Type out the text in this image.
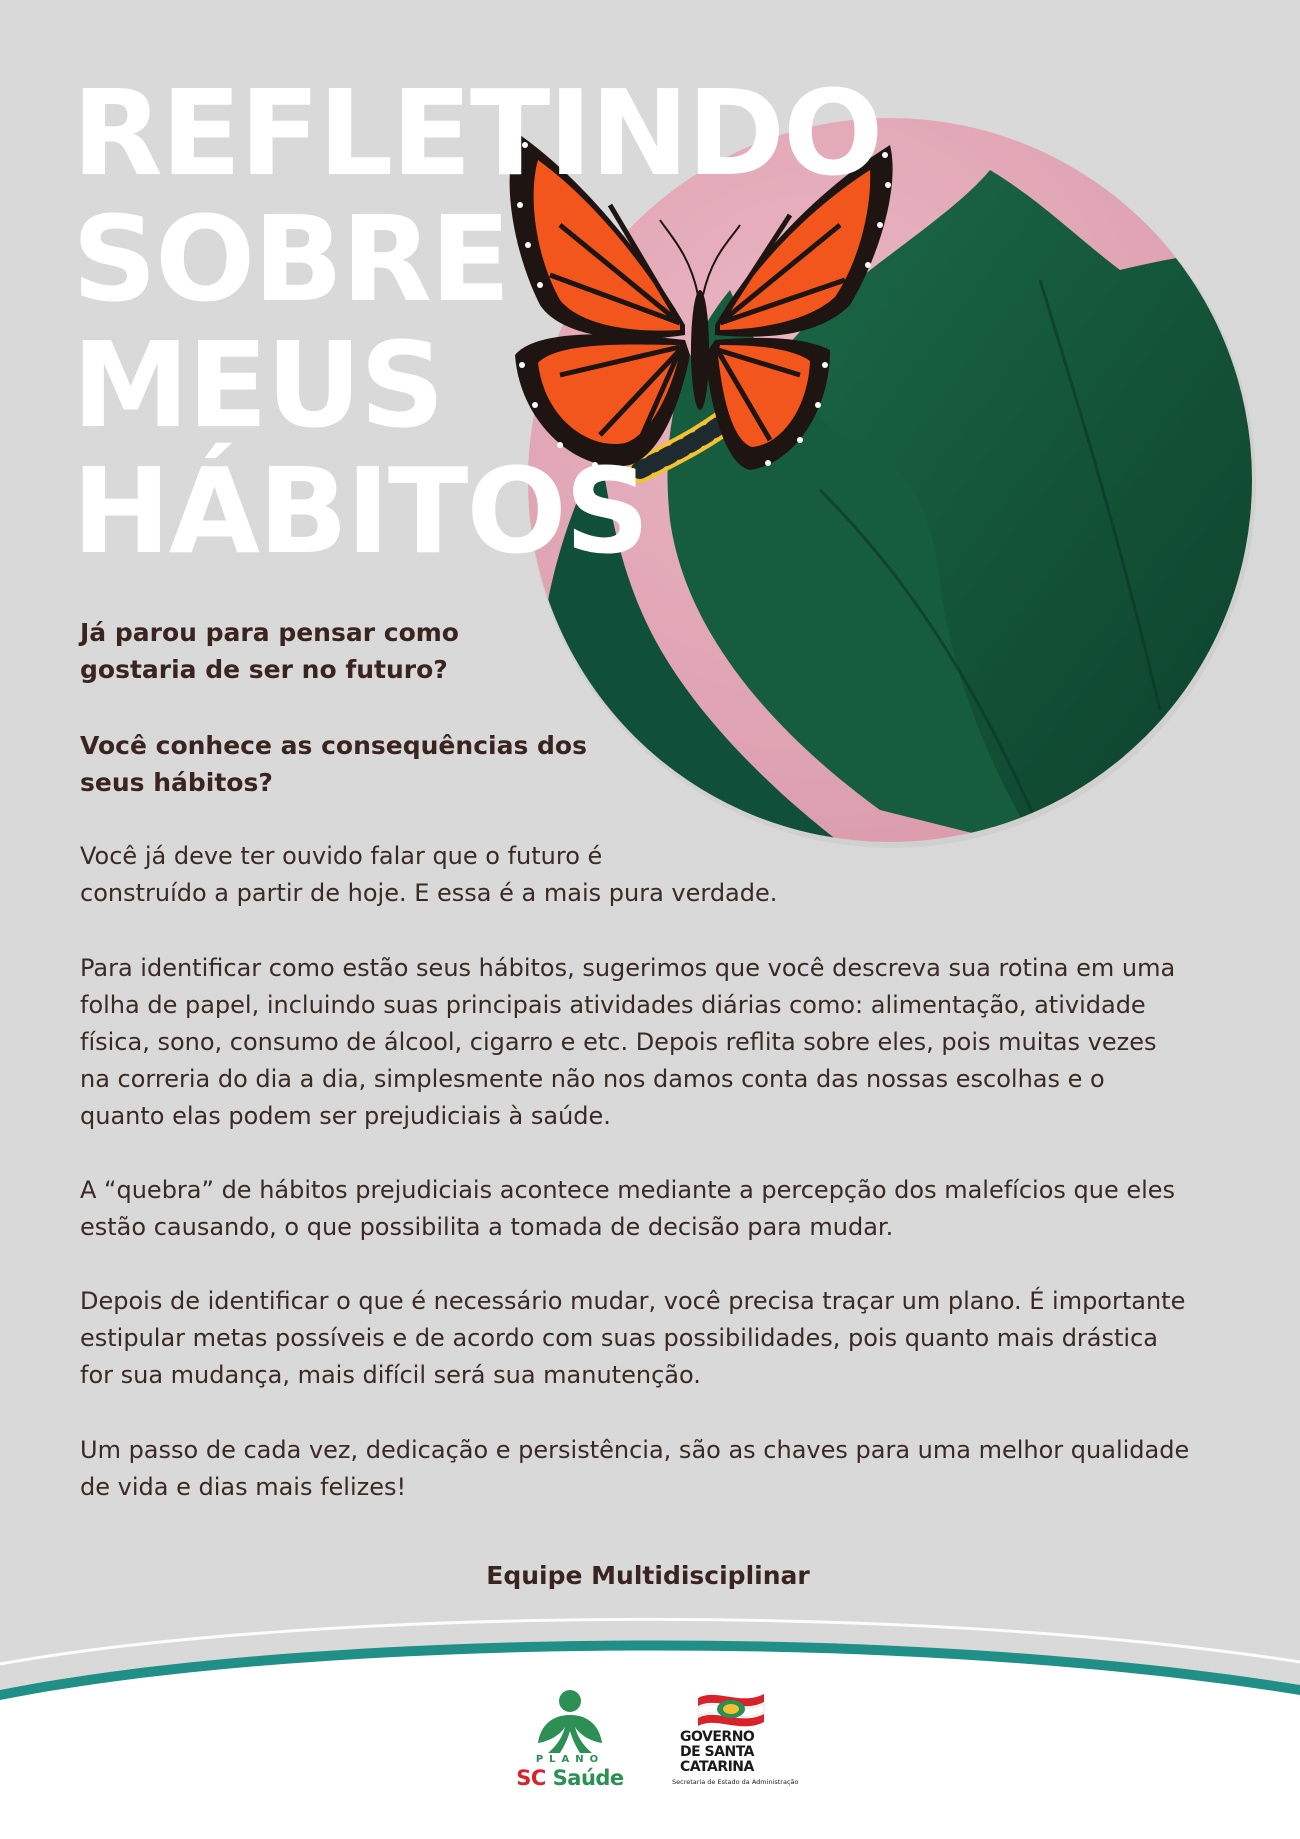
REFLETINDO
SOBRE
MEUS
HÁBITOS

Já parou para pensar como
gostaria de ser no futuro?

Você conhece as consequências dos
seus hábitos?

Você já deve ter ouvido falar que o futuro é
construído a partir de hoje. E essa é a mais pura verdade.

Para identificar como estão seus hábitos, sugerimos que você descreva sua rotina em uma
folha de papel, incluindo suas principais atividades diárias como: alimentação, atividade
física, sono, consumo de álcool, cigarro e etc. Depois reflita sobre eles, pois muitas vezes
na correria do dia a dia, simplesmente não nos damos conta das nossas escolhas e o
quanto elas podem ser prejudiciais à saúde.

A “quebra” de hábitos prejudiciais acontece mediante a percepção dos malefícios que eles
estão causando, o que possibilita a tomada de decisão para mudar.

Depois de identificar o que é necessário mudar, você precisa traçar um plano. É importante
estipular metas possíveis e de acordo com suas possibilidades, pois quanto mais drástica
for sua mudança, mais difícil será sua manutenção.

Um passo de cada vez, dedicação e persistência, são as chaves para uma melhor qualidade
de vida e dias mais felizes!

Equipe Multidisciplinar

PLANO
SC Saúde
GOVERNO
DE SANTA
CATARINA
Secretaria de Estado da Administração
